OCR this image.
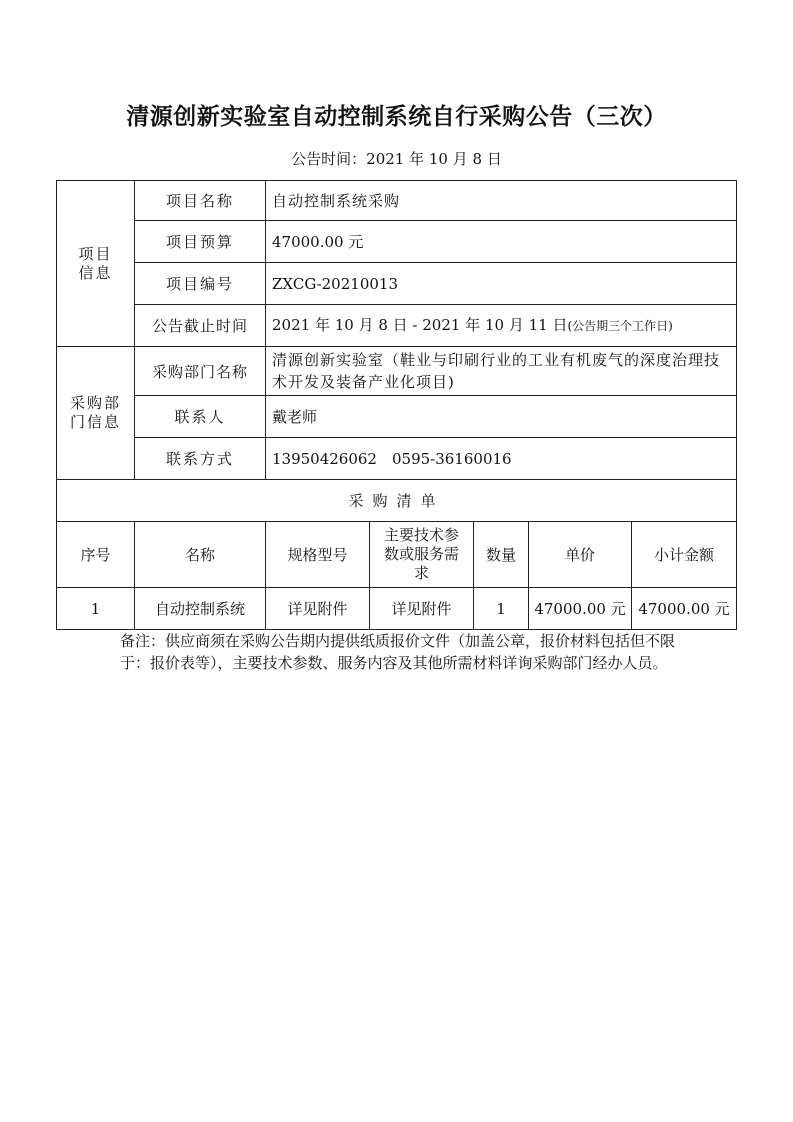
清源创新实验室自动控制系统自行采购公告（三次）
公告时间：2021 年 10 月 8 日
项目
信息	项目名称	自动控制系统采购				
	项目预算	47000.00 元				
	项目编号	ZXCG-20210013				
	公告截止时间	2021 年 10 月 8 日 - 2021 年 10 月 11 日(公告期三个工作日)				
采购部
门信息	采购部门名称	清源创新实验室（鞋业与印刷行业的工业有机废气的深度治理技术开发及装备产业化项目)				
	联系人	戴老师				
	联系方式	13950426062　0595-36160016				
采购清单						
序号	名称	规格型号	主要技术参数或服务需求	数量	单价	小计金额
1	自动控制系统	详见附件	详见附件	1	47000.00 元	47000.00 元
备注：供应商须在采购公告期内提供纸质报价文件（加盖公章，报价材料包括但不限于：报价表等），主要技术参数、服务内容及其他所需材料详询采购部门经办人员。
